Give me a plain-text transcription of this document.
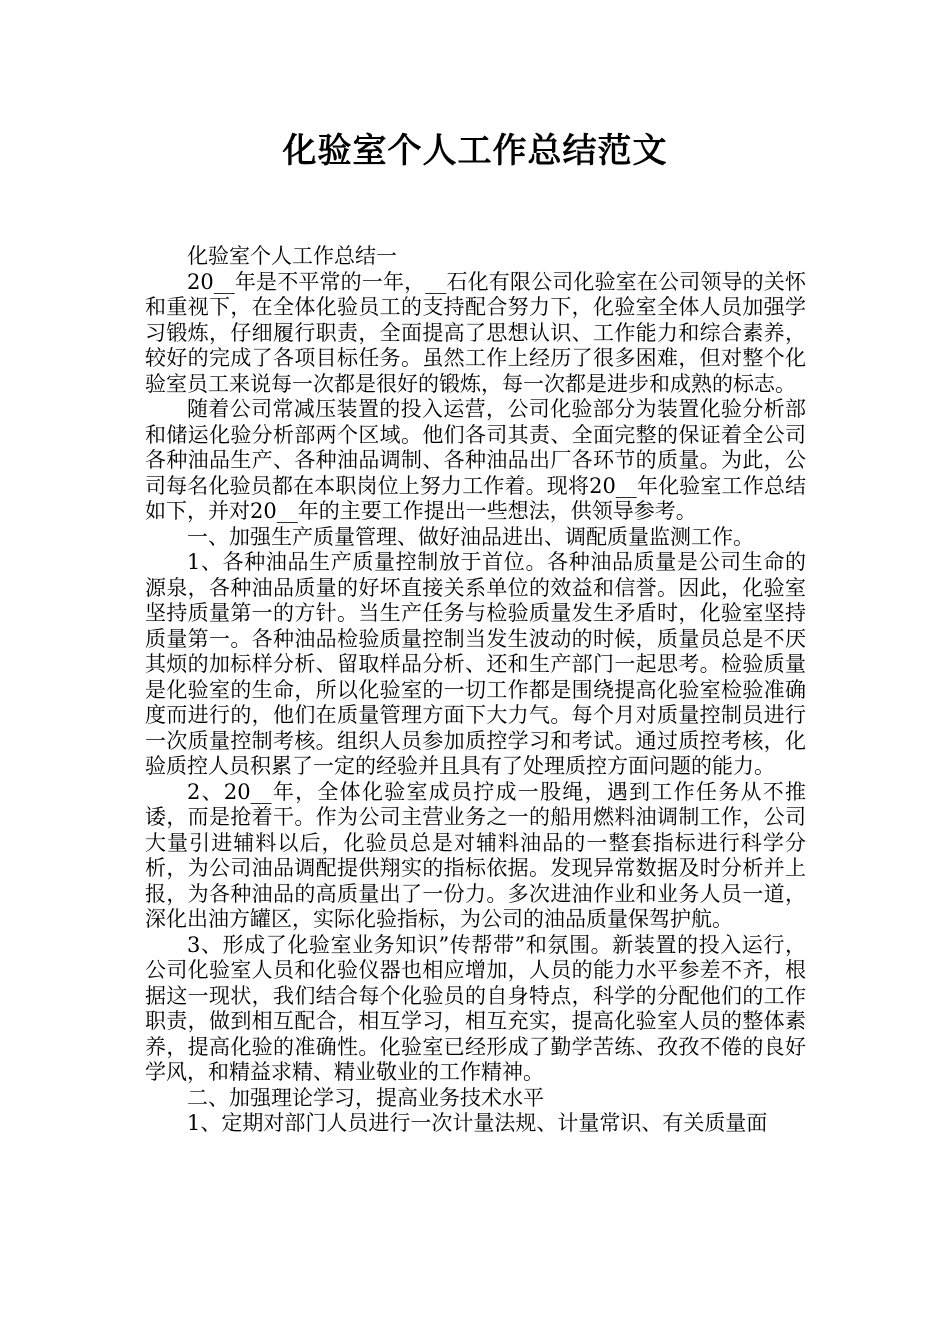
化验室个人工作总结范文

化验室个人工作总结一

20__年是不平常的一年，__石化有限公司化验室在公司领导的关怀和重视下，在全体化验员工的支持配合努力下，化验室全体人员加强学习锻炼，仔细履行职责，全面提高了思想认识、工作能力和综合素养，较好的完成了各项目标任务。虽然工作上经历了很多困难，但对整个化验室员工来说每一次都是很好的锻炼，每一次都是进步和成熟的标志。

随着公司常减压装置的投入运营，公司化验部分为装置化验分析部和储运化验分析部两个区域。他们各司其责、全面完整的保证着全公司各种油品生产、各种油品调制、各种油品出厂各环节的质量。为此，公司每名化验员都在本职岗位上努力工作着。现将20__年化验室工作总结如下，并对20__年的主要工作提出一些想法，供领导参考。

一、加强生产质量管理、做好油品进出、调配质量监测工作。

1、各种油品生产质量控制放于首位。各种油品质量是公司生命的源泉，各种油品质量的好坏直接关系单位的效益和信誉。因此，化验室坚持质量第一的方针。当生产任务与检验质量发生矛盾时，化验室坚持质量第一。各种油品检验质量控制当发生波动的时候，质量员总是不厌其烦的加标样分析、留取样品分析、还和生产部门一起思考。检验质量是化验室的生命，所以化验室的一切工作都是围绕提高化验室检验准确度而进行的，他们在质量管理方面下大力气。每个月对质量控制员进行一次质量控制考核。组织人员参加质控学习和考试。通过质控考核，化验质控人员积累了一定的经验并且具有了处理质控方面问题的能力。

2、20__年，全体化验室成员拧成一股绳，遇到工作任务从不推诿，而是抢着干。作为公司主营业务之一的船用燃料油调制工作，公司大量引进辅料以后，化验员总是对辅料油品的一整套指标进行科学分析，为公司油品调配提供翔实的指标依据。发现异常数据及时分析并上报，为各种油品的高质量出了一份力。多次进油作业和业务人员一道，深化出油方罐区，实际化验指标，为公司的油品质量保驾护航。

3、形成了化验室业务知识”传帮带”和氛围。新装置的投入运行，公司化验室人员和化验仪器也相应增加，人员的能力水平参差不齐，根据这一现状，我们结合每个化验员的自身特点，科学的分配他们的工作职责，做到相互配合，相互学习，相互充实，提高化验室人员的整体素养，提高化验的准确性。化验室已经形成了勤学苦练、孜孜不倦的良好学风，和精益求精、精业敬业的工作精神。

二、加强理论学习，提高业务技术水平

1、定期对部门人员进行一次计量法规、计量常识、有关质量面
